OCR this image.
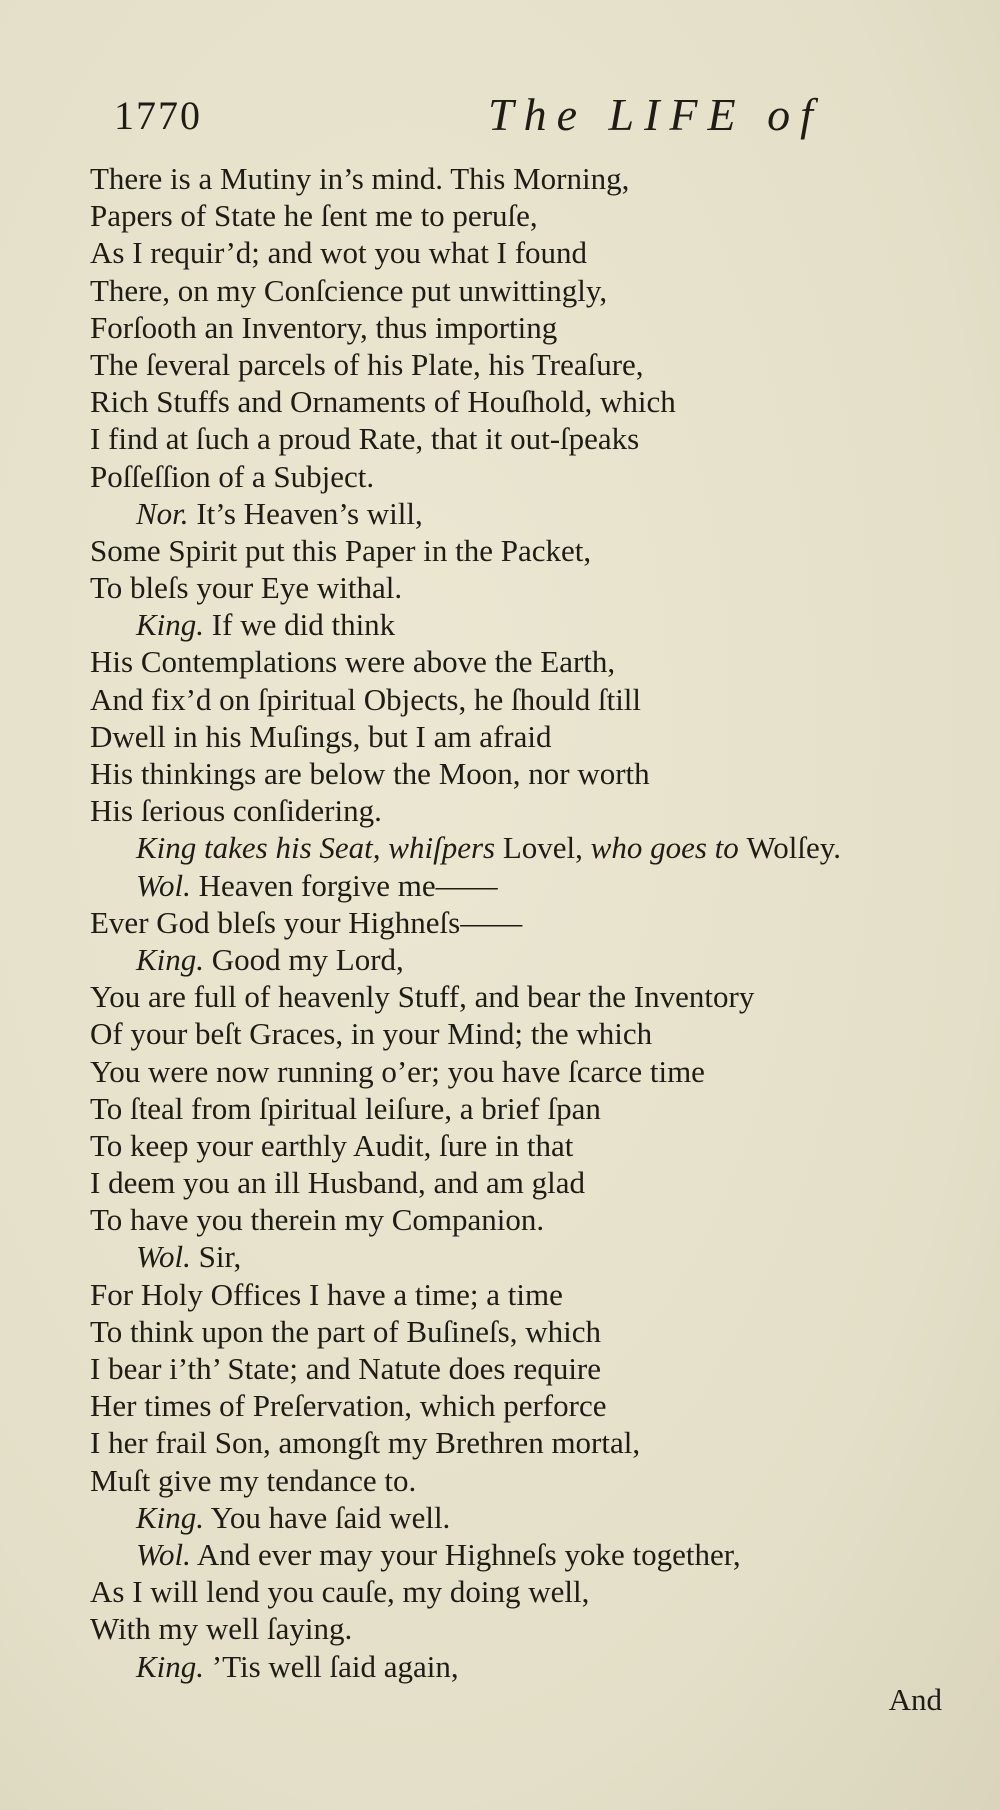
1770	The LIFE of
There is a Mutiny in’s mind. This Morning,
Papers of State he ſent me to peruſe,
As I requir’d; and wot you what I found
There, on my Conſcience put unwittingly,
Forſooth an Inventory, thus importing
The ſeveral parcels of his Plate, his Treaſure,
Rich Stuffs and Ornaments of Houſhold, which
I find at ſuch a proud Rate, that it out-ſpeaks
Poſſeſſion of a Subject.
Nor. It’s Heaven’s will,
Some Spirit put this Paper in the Packet,
To bleſs your Eye withal.
King. If we did think
His Contemplations were above the Earth,
And fix’d on ſpiritual Objects, he ſhould ſtill
Dwell in his Muſings, but I am afraid
His thinkings are below the Moon, nor worth
His ſerious conſidering.
King takes his Seat, whiſpers Lovel, who goes to Wolſey.
Wol. Heaven forgive me——
Ever God bleſs your Highneſs——
King. Good my Lord,
You are full of heavenly Stuff, and bear the Inventory
Of your beſt Graces, in your Mind; the which
You were now running o’er; you have ſcarce time
To ſteal from ſpiritual leiſure, a brief ſpan
To keep your earthly Audit, ſure in that
I deem you an ill Husband, and am glad
To have you therein my Companion.
Wol. Sir,
For Holy Offices I have a time; a time
To think upon the part of Buſineſs, which
I bear i’th’ State; and Natute does require
Her times of Preſervation, which perforce
I her frail Son, amongſt my Brethren mortal,
Muſt give my tendance to.
King. You have ſaid well.
Wol. And ever may your Highneſs yoke together,
As I will lend you cauſe, my doing well,
With my well ſaying.
King. ’Tis well ſaid again,
And
